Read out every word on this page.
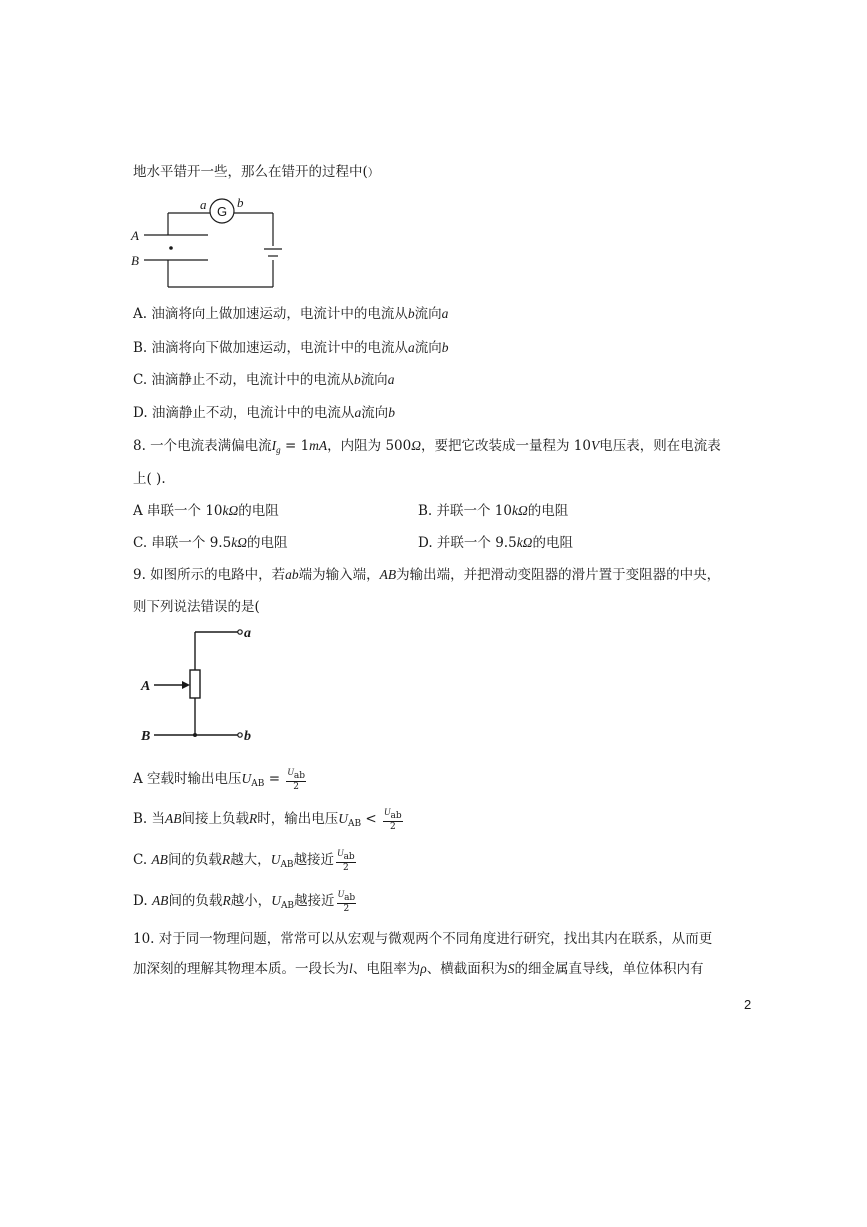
地水平错开一些，那么在错开的过程中(）
G
a b
A
B
A. 油滴将向上做加速运动，电流计中的电流从b流向a
B. 油滴将向下做加速运动，电流计中的电流从a流向b
C. 油滴静止不动，电流计中的电流从b流向a
D. 油滴静止不动，电流计中的电流从a流向b
8. 一个电流表满偏电流$I_g = 1mA$，内阻为 500Ω，要把它改装成一量程为 10V电压表，则在电流表
上( ).
A 串联一个 10kΩ的电阻	B. 并联一个 10kΩ的电阻
C. 串联一个 9.5kΩ的电阻	D. 并联一个 9.5kΩ的电阻
9. 如图所示的电路中，若ab端为输入端，AB为输出端，并把滑动变阻器的滑片置于变阻器的中央，
则下列说法错误的是(
a
b
A
B
A 空载时输出电压$U_{AB} = \frac{U_{ab}}{2}$
B. 当AB间接上负载R时，输出电压$U_{AB} < \frac{U_{ab}}{2}$
C. AB间的负载R越大，$U_{AB}$越接近 $\frac{U_{ab}}{2}$
D. AB间的负载R越小，$U_{AB}$越接近 $\frac{U_{ab}}{2}$
10. 对于同一物理问题，常常可以从宏观与微观两个不同角度进行研究，找出其内在联系，从而更
加深刻的理解其物理本质。一段长为l、电阻率为ρ、横截面积为S的细金属直导线，单位体积内有
2
